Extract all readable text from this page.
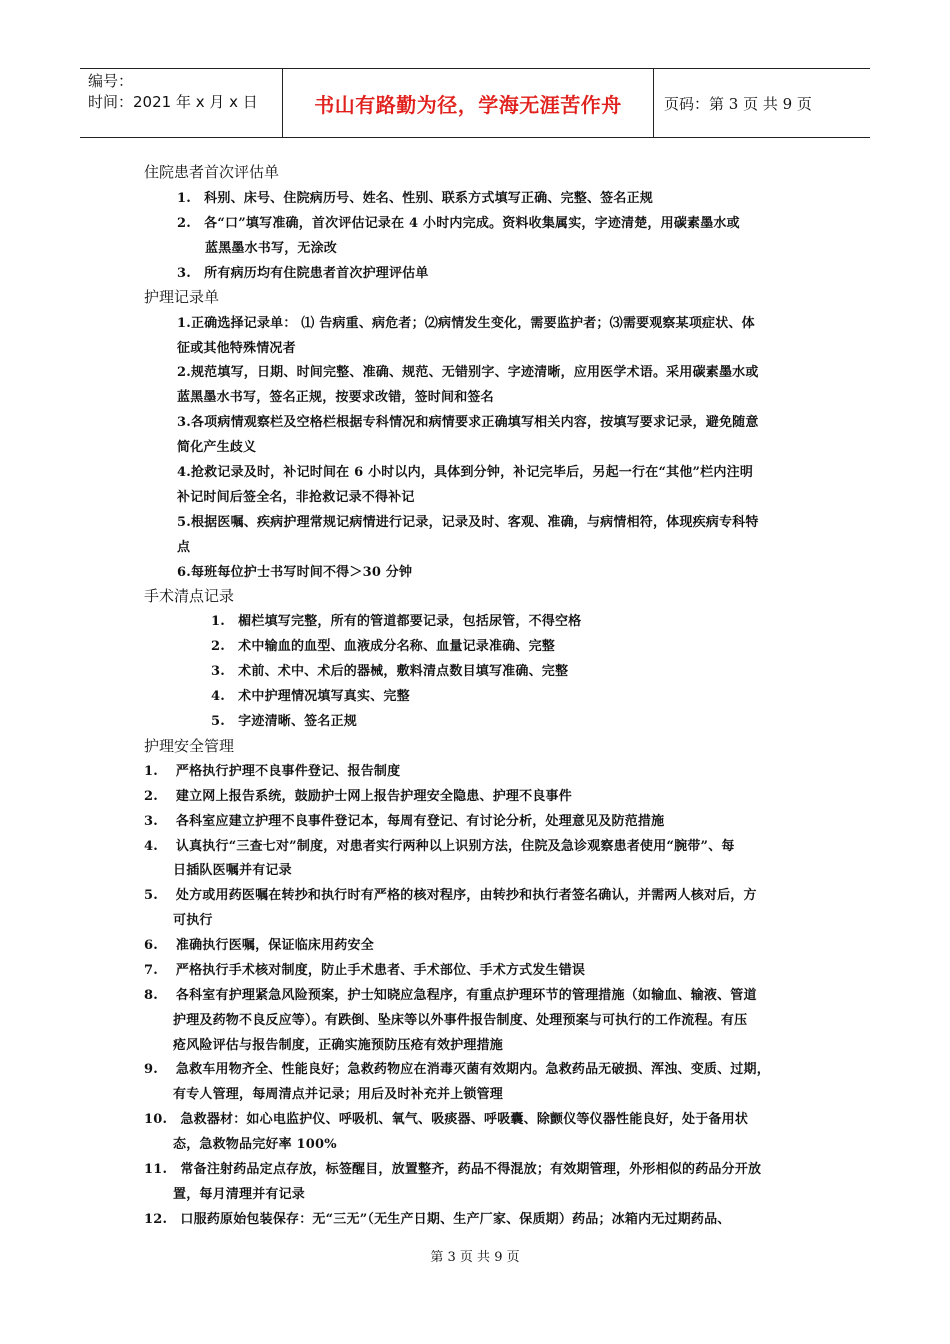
编号：
时间：2021 年 x 月 x 日	书山有路勤为径，学海无涯苦作舟	页码：第 3 页 共 9 页
住院患者首次评估单
1.　科别、床号、住院病历号、姓名、性别、联系方式填写正确、完整、签名正规
2.　各“口”填写准确，首次评估记录在 4 小时内完成。资料收集属实，字迹清楚，用碳素墨水或
蓝黑墨水书写，无涂改
3.　所有病历均有住院患者首次护理评估单
护理记录单
1.正确选择记录单： ⑴ 告病重、病危者；⑵病情发生变化，需要监护者；⑶需要观察某项症状、体
征或其他特殊情况者
2.规范填写，日期、时间完整、准确、规范、无错别字、字迹清晰，应用医学术语。采用碳素墨水或
蓝黑墨水书写，签名正规，按要求改错，签时间和签名
3.各项病情观察栏及空格栏根据专科情况和病情要求正确填写相关内容，按填写要求记录，避免随意
简化产生歧义
4.抢救记录及时，补记时间在 6 小时以内，具体到分钟，补记完毕后，另起一行在“其他”栏内注明
补记时间后签全名，非抢救记录不得补记
5.根据医嘱、疾病护理常规记病情进行记录，记录及时、客观、准确，与病情相符，体现疾病专科特
点
6.每班每位护士书写时间不得＞30 分钟
手术清点记录
1.　楣栏填写完整，所有的管道都要记录，包括尿管，不得空格
2.　术中输血的血型、血液成分名称、血量记录准确、完整
3.　术前、术中、术后的器械，敷料清点数目填写准确、完整
4.　术中护理情况填写真实、完整
5.　字迹清晰、签名正规
护理安全管理
1.　 严格执行护理不良事件登记、报告制度
2.　 建立网上报告系统，鼓励护士网上报告护理安全隐患、护理不良事件
3.　 各科室应建立护理不良事件登记本，每周有登记、有讨论分析，处理意见及防范措施
4.　 认真执行“三查七对”制度，对患者实行两种以上识别方法，住院及急诊观察患者使用“腕带”、每
日插队医嘱并有记录
5.　 处方或用药医嘱在转抄和执行时有严格的核对程序，由转抄和执行者签名确认，并需两人核对后，方
可执行
6.　 准确执行医嘱，保证临床用药安全
7.　 严格执行手术核对制度，防止手术患者、手术部位、手术方式发生错误
8.　 各科室有护理紧急风险预案，护士知晓应急程序，有重点护理环节的管理措施（如输血、输液、管道
护理及药物不良反应等）。有跌倒、坠床等以外事件报告制度、处理预案与可执行的工作流程。有压
疮风险评估与报告制度，正确实施预防压疮有效护理措施
9.　 急救车用物齐全、性能良好；急救药物应在消毒灭菌有效期内。急救药品无破损、浑浊、变质、过期，
有专人管理，每周清点并记录；用后及时补充并上锁管理
10.　急救器材：如心电监护仪、呼吸机、氧气、吸痰器、呼吸囊、除颤仪等仪器性能良好，处于备用状
态，急救物品完好率 100%
11.　常备注射药品定点存放，标签醒目，放置整齐，药品不得混放；有效期管理，外形相似的药品分开放
置，每月清理并有记录
12.　口服药原始包装保存：无“三无”（无生产日期、生产厂家、保质期）药品；冰箱内无过期药品、
第 3 页 共 9 页
